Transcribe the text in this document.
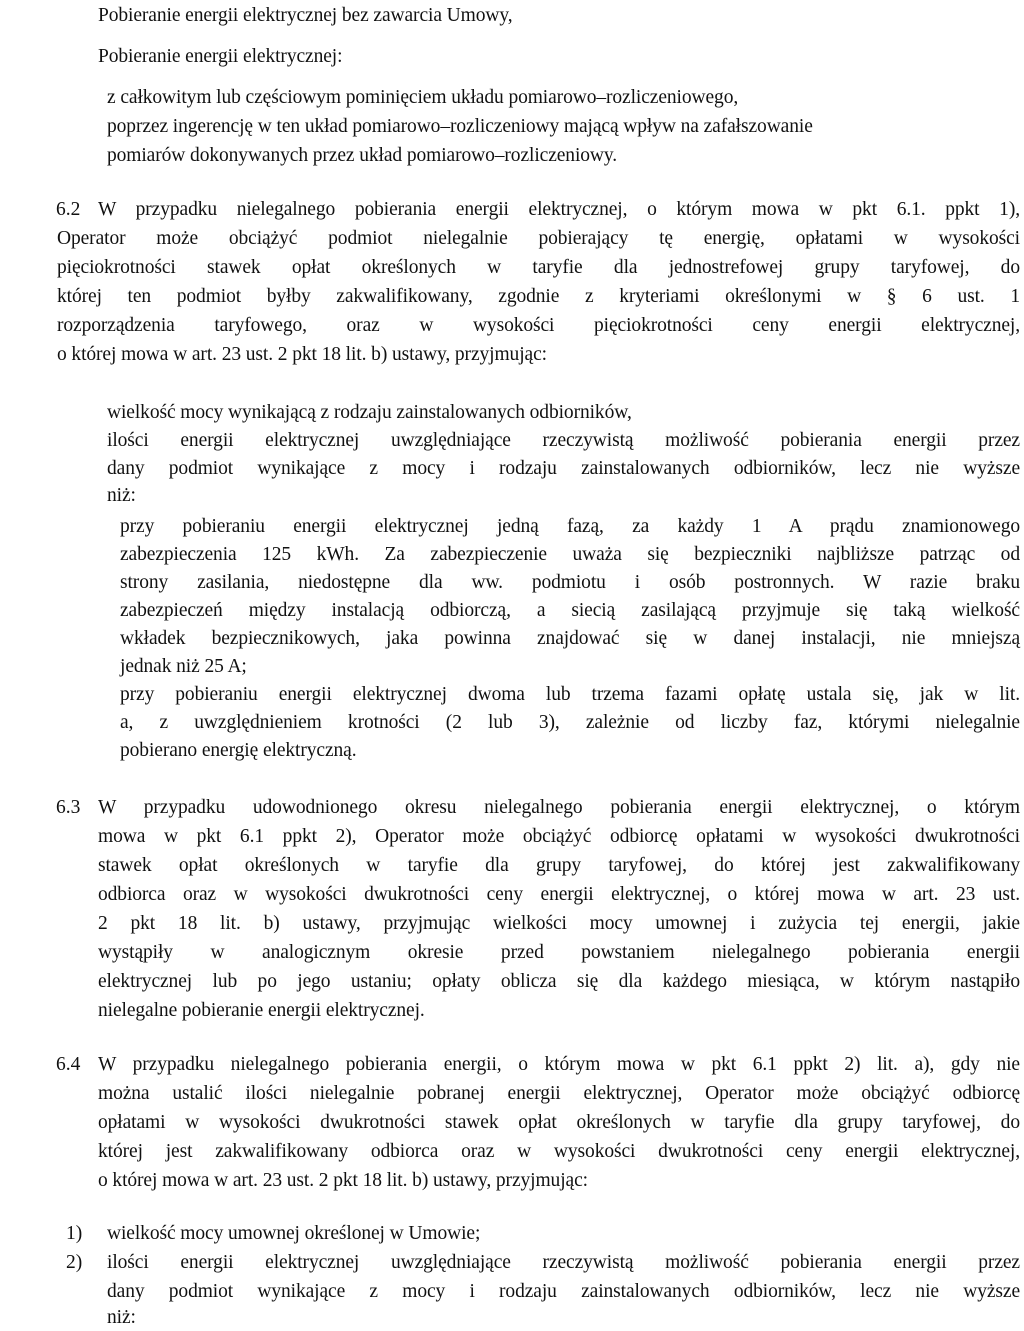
Pobieranie energii elektrycznej bez zawarcia Umowy,
Pobieranie energii elektrycznej:
z całkowitym lub częściowym pominięciem układu pomiarowo–rozliczeniowego,
poprzez ingerencję w ten układ pomiarowo–rozliczeniowy mającą wpływ na zafałszowanie
pomiarów dokonywanych przez układ pomiarowo–rozliczeniowy.
6.2 W przypadku nielegalnego pobierania energii elektrycznej, o którym mowa w pkt 6.1. ppkt 1),
Operator może obciążyć podmiot nielegalnie pobierający tę energię, opłatami w wysokości
pięciokrotności stawek opłat określonych w taryfie dla jednostrefowej grupy taryfowej, do
której ten podmiot byłby zakwalifikowany, zgodnie z kryteriami określonymi w § 6 ust. 1
rozporządzenia taryfowego, oraz w wysokości pięciokrotności ceny energii elektrycznej,
o której mowa w art. 23 ust. 2 pkt 18 lit. b) ustawy, przyjmując:
wielkość mocy wynikającą z rodzaju zainstalowanych odbiorników,
ilości energii elektrycznej uwzględniające rzeczywistą możliwość pobierania energii przez
dany podmiot wynikające z mocy i rodzaju zainstalowanych odbiorników, lecz nie wyższe
niż:
przy pobieraniu energii elektrycznej jedną fazą, za każdy 1 A prądu znamionowego
zabezpieczenia 125 kWh. Za zabezpieczenie uważa się bezpieczniki najbliższe patrząc od
strony zasilania, niedostępne dla ww. podmiotu i osób postronnych. W razie braku
zabezpieczeń między instalacją odbiorczą, a siecią zasilającą przyjmuje się taką wielkość
wkładek bezpiecznikowych, jaka powinna znajdować się w danej instalacji, nie mniejszą
jednak niż 25 A;
przy pobieraniu energii elektrycznej dwoma lub trzema fazami opłatę ustala się, jak w lit.
a, z uwzględnieniem krotności (2 lub 3), zależnie od liczby faz, którymi nielegalnie
pobierano energię elektryczną.
6.3 W przypadku udowodnionego okresu nielegalnego pobierania energii elektrycznej, o którym
mowa w pkt 6.1 ppkt 2), Operator może obciążyć odbiorcę opłatami w wysokości dwukrotności
stawek opłat określonych w taryfie dla grupy taryfowej, do której jest zakwalifikowany
odbiorca oraz w wysokości dwukrotności ceny energii elektrycznej, o której mowa w art. 23 ust.
2 pkt 18 lit. b) ustawy, przyjmując wielkości mocy umownej i zużycia tej energii, jakie
wystąpiły w analogicznym okresie przed powstaniem nielegalnego pobierania energii
elektrycznej lub po jego ustaniu; opłaty oblicza się dla każdego miesiąca, w którym nastąpiło
nielegalne pobieranie energii elektrycznej.
6.4 W przypadku nielegalnego pobierania energii, o którym mowa w pkt 6.1 ppkt 2) lit. a), gdy nie
można ustalić ilości nielegalnie pobranej energii elektrycznej, Operator może obciążyć odbiorcę
opłatami w wysokości dwukrotności stawek opłat określonych w taryfie dla grupy taryfowej, do
której jest zakwalifikowany odbiorca oraz w wysokości dwukrotności ceny energii elektrycznej,
o której mowa w art. 23 ust. 2 pkt 18 lit. b) ustawy, przyjmując:
1) wielkość mocy umownej określonej w Umowie;
2) ilości energii elektrycznej uwzględniające rzeczywistą możliwość pobierania energii przez
dany podmiot wynikające z mocy i rodzaju zainstalowanych odbiorników, lecz nie wyższe
niż:
